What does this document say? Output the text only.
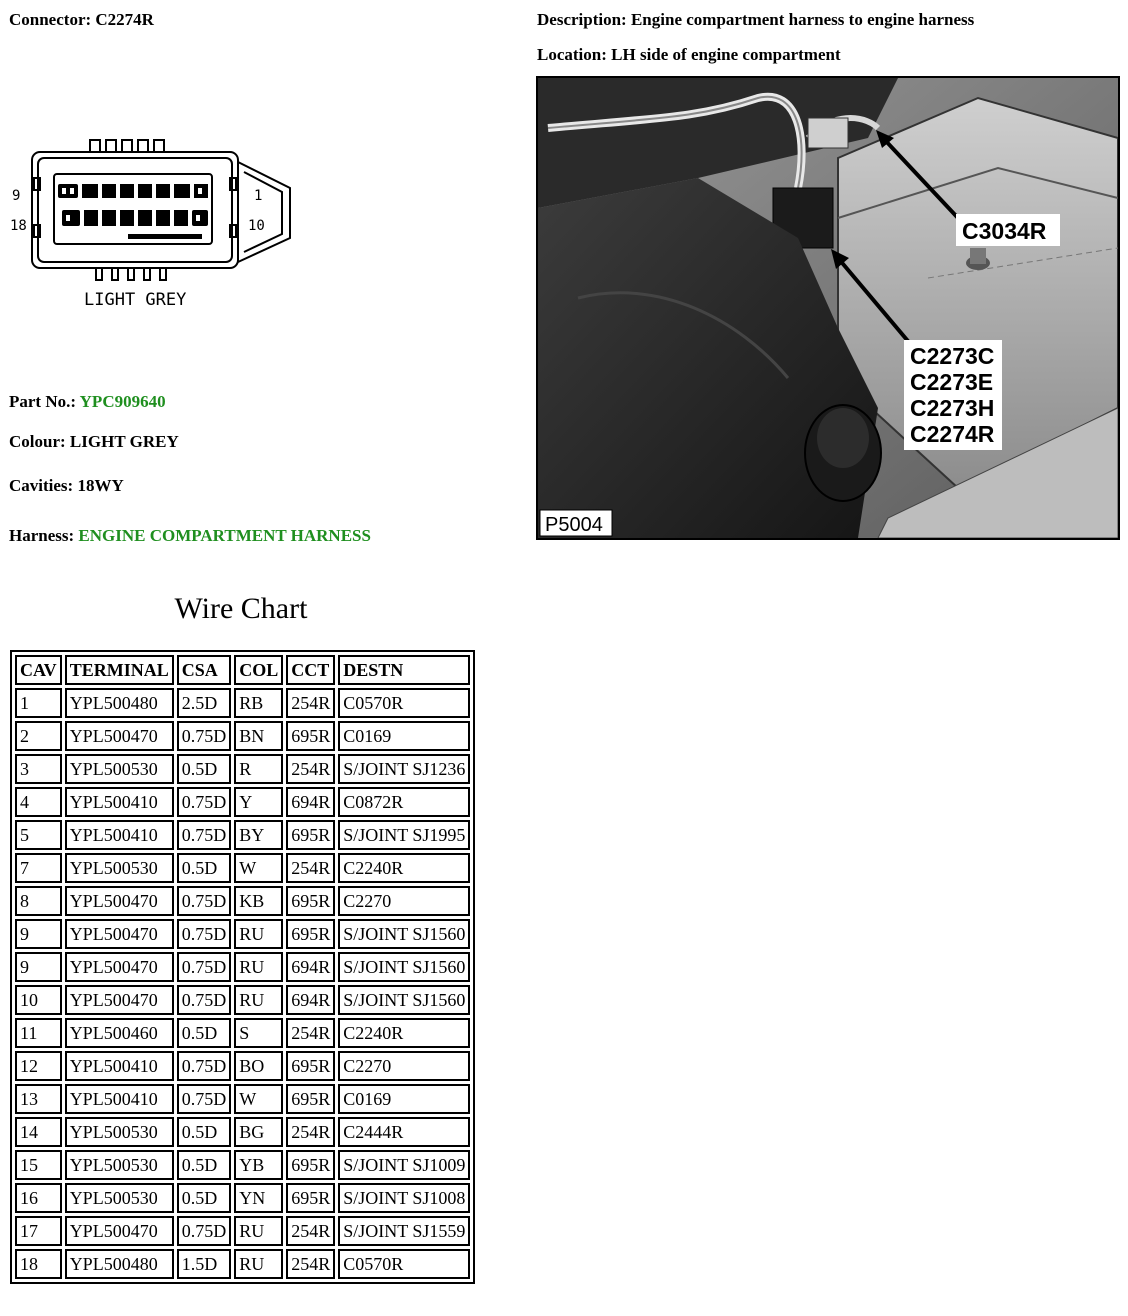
Connector: C2274R	Description: Engine compartment harness to engine harness
Location: LH side of engine compartment
9
18
1
10
LIGHT GREY
Part No.: YPC909640
Colour: LIGHT GREY
Cavities: 18WY
Harness: ENGINE COMPARTMENT HARNESS
C3034R
C2273C
C2273E
C2273H
C2274R
P5004
Wire Chart
CAV	TERMINAL	CSA	COL	CCT	DESTN
1	YPL500480	2.5D	RB	254R	C0570R
2	YPL500470	0.75D	BN	695R	C0169
3	YPL500530	0.5D	R	254R	S/JOINT SJ1236
4	YPL500410	0.75D	Y	694R	C0872R
5	YPL500410	0.75D	BY	695R	S/JOINT SJ1995
7	YPL500530	0.5D	W	254R	C2240R
8	YPL500470	0.75D	KB	695R	C2270
9	YPL500470	0.75D	RU	695R	S/JOINT SJ1560
9	YPL500470	0.75D	RU	694R	S/JOINT SJ1560
10	YPL500470	0.75D	RU	694R	S/JOINT SJ1560
11	YPL500460	0.5D	S	254R	C2240R
12	YPL500410	0.75D	BO	695R	C2270
13	YPL500410	0.75D	W	695R	C0169
14	YPL500530	0.5D	BG	254R	C2444R
15	YPL500530	0.5D	YB	695R	S/JOINT SJ1009
16	YPL500530	0.5D	YN	695R	S/JOINT SJ1008
17	YPL500470	0.75D	RU	254R	S/JOINT SJ1559
18	YPL500480	1.5D	RU	254R	C0570R
